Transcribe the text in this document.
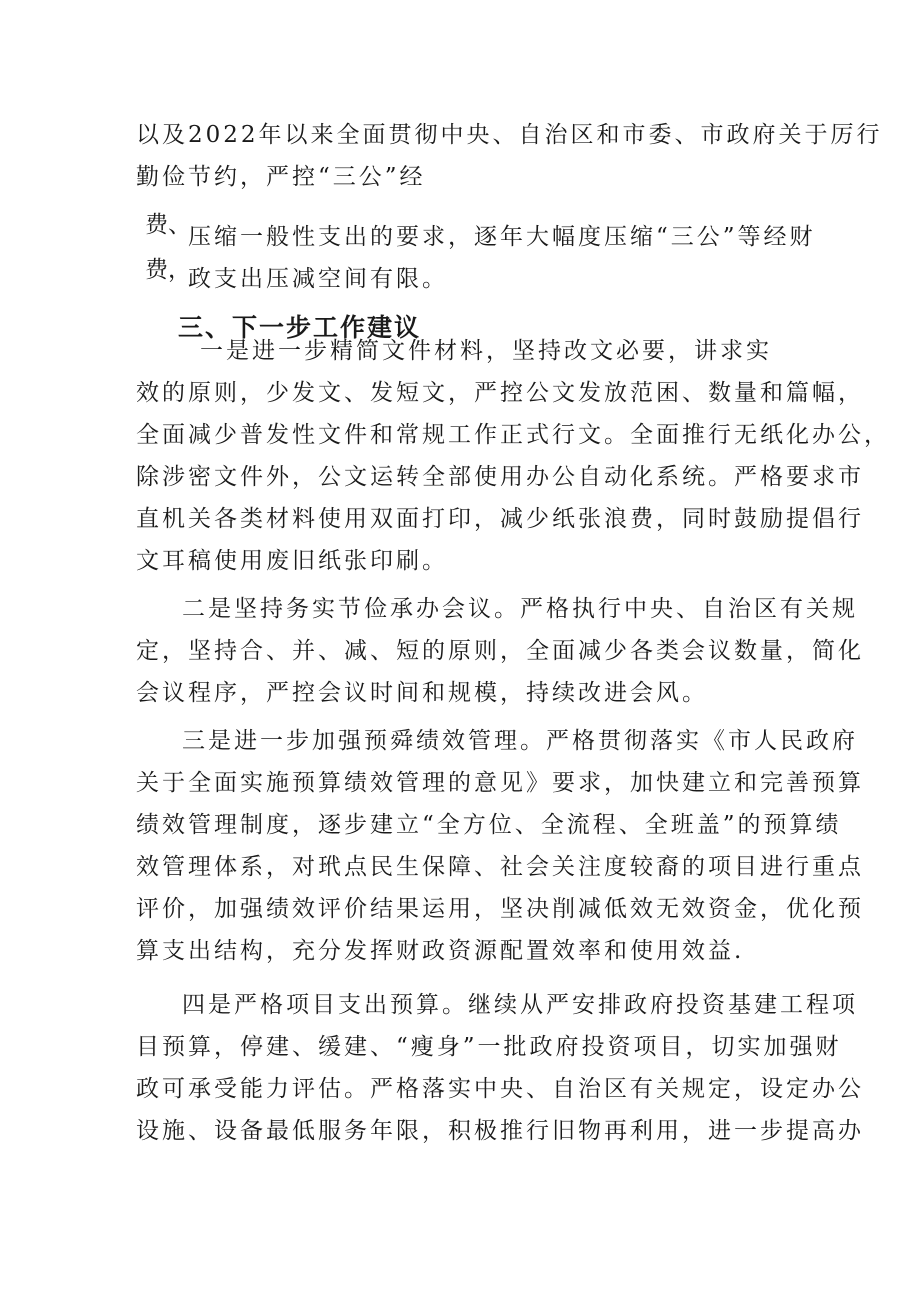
以及2022年以来全面贯彻中央、自治区和市委、市政府关于厉行
勤俭节约，严控“三公”经
费、
压缩一般性支出的要求，逐年大幅度压缩“三公”等经财
费，
政支出压减空间有限。
三、下一步工作建议
一是进一步精简文件材料，坚持改文必要，讲求实
效的原则，少发文、发短文，严控公文发放范困、数量和篇幅，
全面减少普发性文件和常规工作正式行文。全面推行无纸化办公，
除涉密文件外，公文运转全部使用办公自动化系统。严格要求市
直机关各类材料使用双面打印，减少纸张浪费，同时鼓励提倡行
文耳稿使用废旧纸张印刷。
二是坚持务实节俭承办会议。严格执行中央、自治区有关规
定，坚持合、并、减、短的原则，全面减少各类会议数量，简化
会议程序，严控会议时间和规模，持续改进会风。
三是进一步加强预舜绩效管理。严格贯彻落实《市人民政府
关于全面实施预算绩效管理的意见》要求，加快建立和完善预算
绩效管理制度，逐步建立“全方位、全流程、全班盖”的预算绩
效管理体系，对玳点民生保障、社会关注度较裔的项目进行重点
评价，加强绩效评价结果运用，坚决削减低效无效资金，优化预
算支出结构，充分发挥财政资源配置效率和使用效益.
四是严格项目支出预算。继续从严安排政府投资基建工程项
目预算，停建、缓建、“瘦身”一批政府投资项目，切实加强财
政可承受能力评估。严格落实中央、自治区有关规定，设定办公
设施、设备最低服务年限，积极推行旧物再利用，进一步提高办
